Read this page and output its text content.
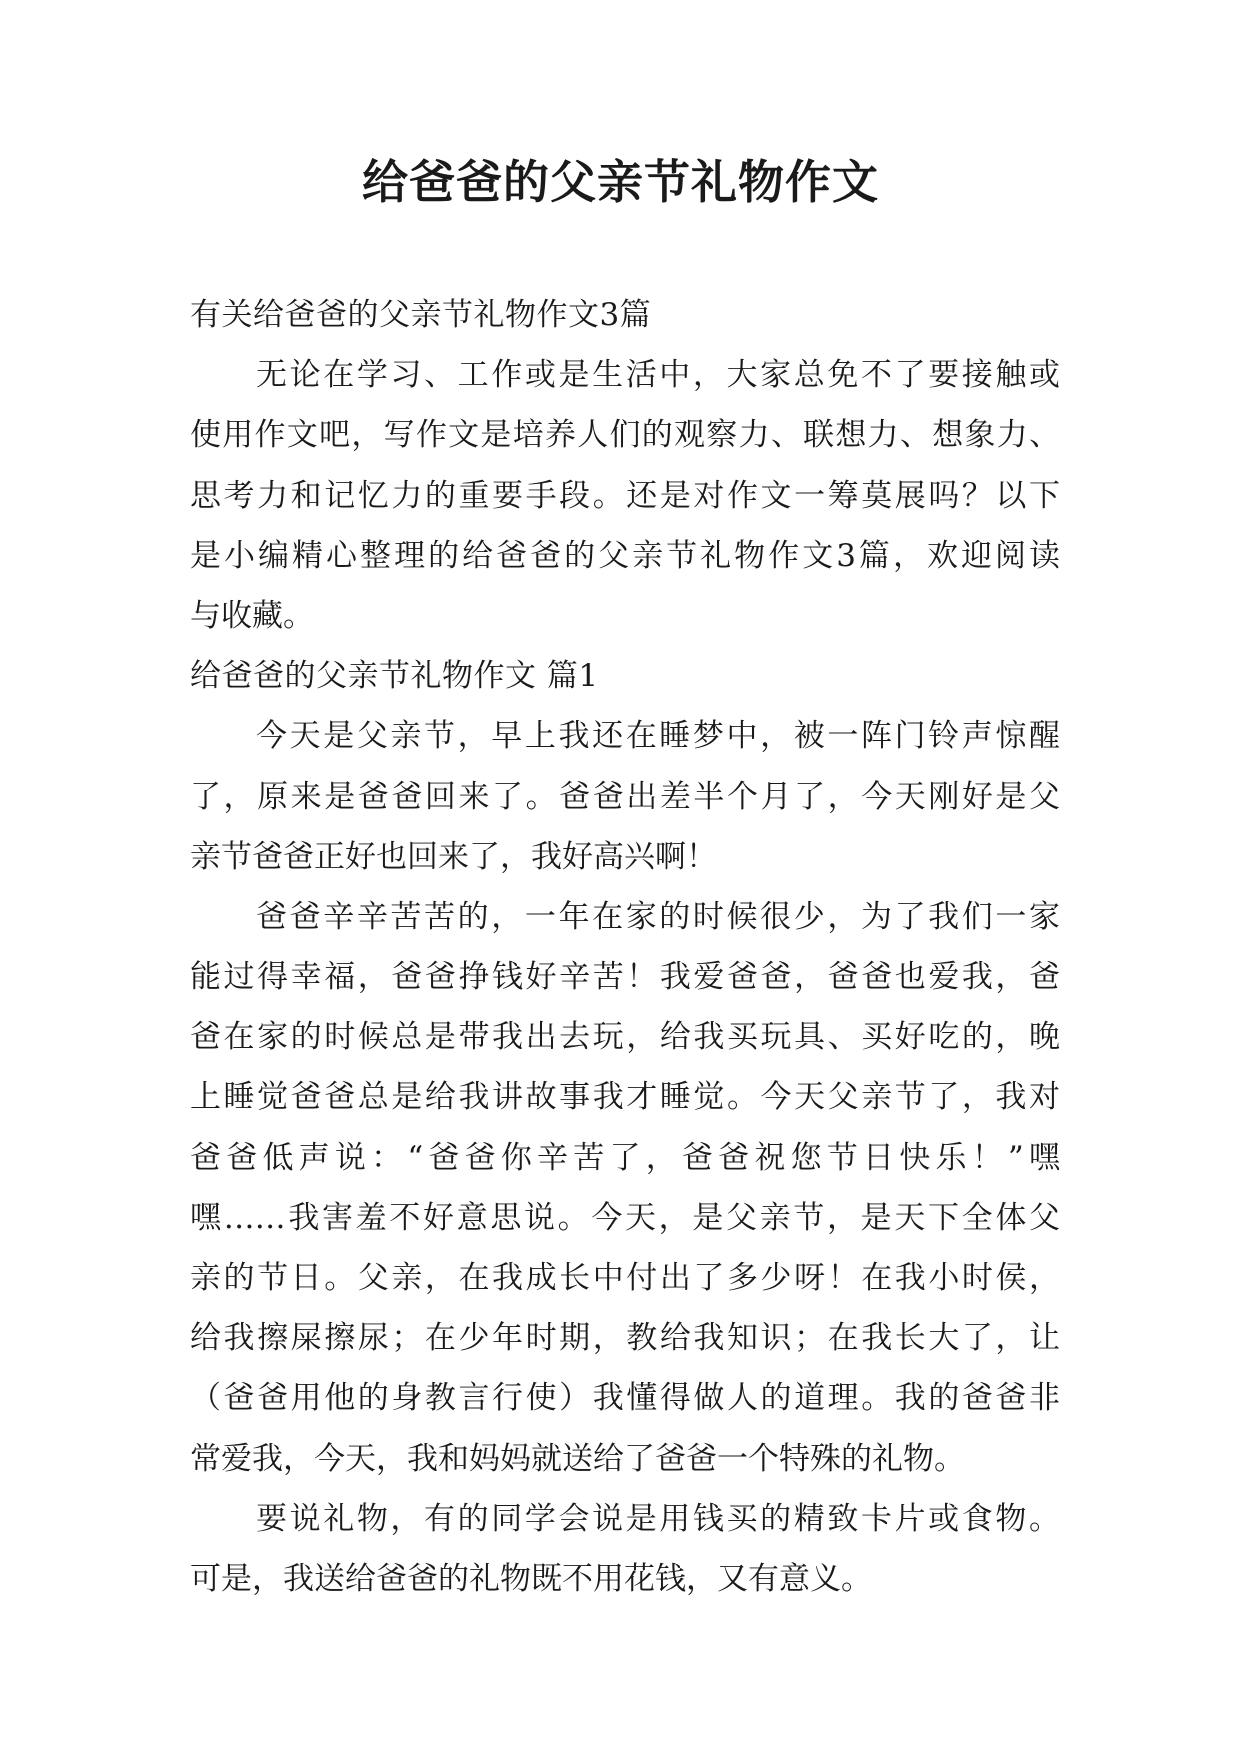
给爸爸的父亲节礼物作文
有关给爸爸的父亲节礼物作文3篇
无论在学习、工作或是生活中，大家总免不了要接触或
使用作文吧，写作文是培养人们的观察力、联想力、想象力、
思考力和记忆力的重要手段。还是对作文一筹莫展吗？以下
是小编精心整理的给爸爸的父亲节礼物作文3篇，欢迎阅读
与收藏。
给爸爸的父亲节礼物作文 篇1
今天是父亲节，早上我还在睡梦中，被一阵门铃声惊醒
了，原来是爸爸回来了。爸爸出差半个月了，今天刚好是父
亲节爸爸正好也回来了，我好高兴啊！
爸爸辛辛苦苦的，一年在家的时候很少，为了我们一家
能过得幸福，爸爸挣钱好辛苦！我爱爸爸，爸爸也爱我，爸
爸在家的时候总是带我出去玩，给我买玩具、买好吃的，晚
上睡觉爸爸总是给我讲故事我才睡觉。今天父亲节了，我对
爸爸低声说：“爸爸你辛苦了，爸爸祝您节日快乐！”嘿
嘿……我害羞不好意思说。今天，是父亲节，是天下全体父
亲的节日。父亲，在我成长中付出了多少呀！在我小时侯，
给我擦屎擦尿；在少年时期，教给我知识；在我长大了，让
（爸爸用他的身教言行使）我懂得做人的道理。我的爸爸非
常爱我，今天，我和妈妈就送给了爸爸一个特殊的礼物。
要说礼物，有的同学会说是用钱买的精致卡片或食物。
可是，我送给爸爸的礼物既不用花钱，又有意义。
